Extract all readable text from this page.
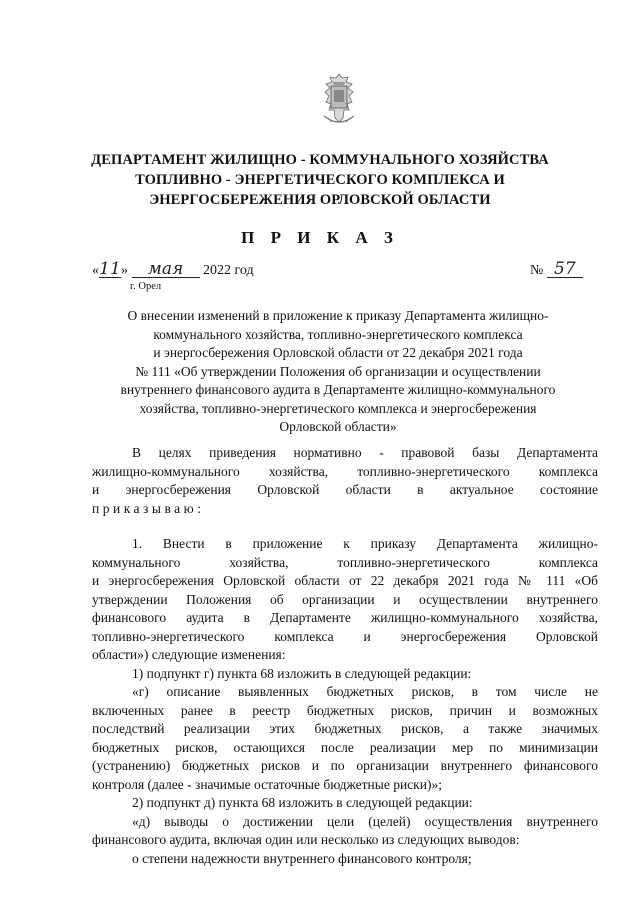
ДЕПАРТАМЕНТ ЖИЛИЩНО - КОММУНАЛЬНОГО ХОЗЯЙСТВА
ТОПЛИВНО - ЭНЕРГЕТИЧЕСКОГО КОМПЛЕКСА И
ЭНЕРГОСБЕРЕЖЕНИЯ ОРЛОВСКОЙ ОБЛАСТИ
П Р И К А З
«11» мая 2022 год	№ 57
г. Орел
О внесении изменений в приложение к приказу Департамента жилищно-
коммунального хозяйства, топливно-энергетического комплекса
и энергосбережения Орловской области от 22 декабря 2021 года
№ 111 «Об утверждении Положения об организации и осуществлении
внутреннего финансового аудита в Департаменте жилищно-коммунального
хозяйства, топливно-энергетического комплекса и энергосбережения
Орловской области»
В целях приведения нормативно - правовой базы Департамента
жилищно-коммунального хозяйства, топливно-энергетического комплекса
и энергосбережения Орловской области в актуальное состояние
приказываю:
1. Внести в приложение к приказу Департамента жилищно-
коммунального хозяйства, топливно-энергетического комплекса
и энергосбережения Орловской области от 22 декабря 2021 года № 111 «Об
утверждении Положения об организации и осуществлении внутреннего
финансового аудита в Департаменте жилищно-коммунального хозяйства,
топливно-энергетического комплекса и энергосбережения Орловской
области») следующие изменения:
1) подпункт г) пункта 68 изложить в следующей редакции:
«г) описание выявленных бюджетных рисков, в том числе не
включенных ранее в реестр бюджетных рисков, причин и возможных
последствий реализации этих бюджетных рисков, а также значимых
бюджетных рисков, остающихся после реализации мер по минимизации
(устранению) бюджетных рисков и по организации внутреннего финансового
контроля (далее - значимые остаточные бюджетные риски)»;
2) подпункт д) пункта 68 изложить в следующей редакции:
«д) выводы о достижении цели (целей) осуществления внутреннего
финансового аудита, включая один или несколько из следующих выводов:
о степени надежности внутреннего финансового контроля;
